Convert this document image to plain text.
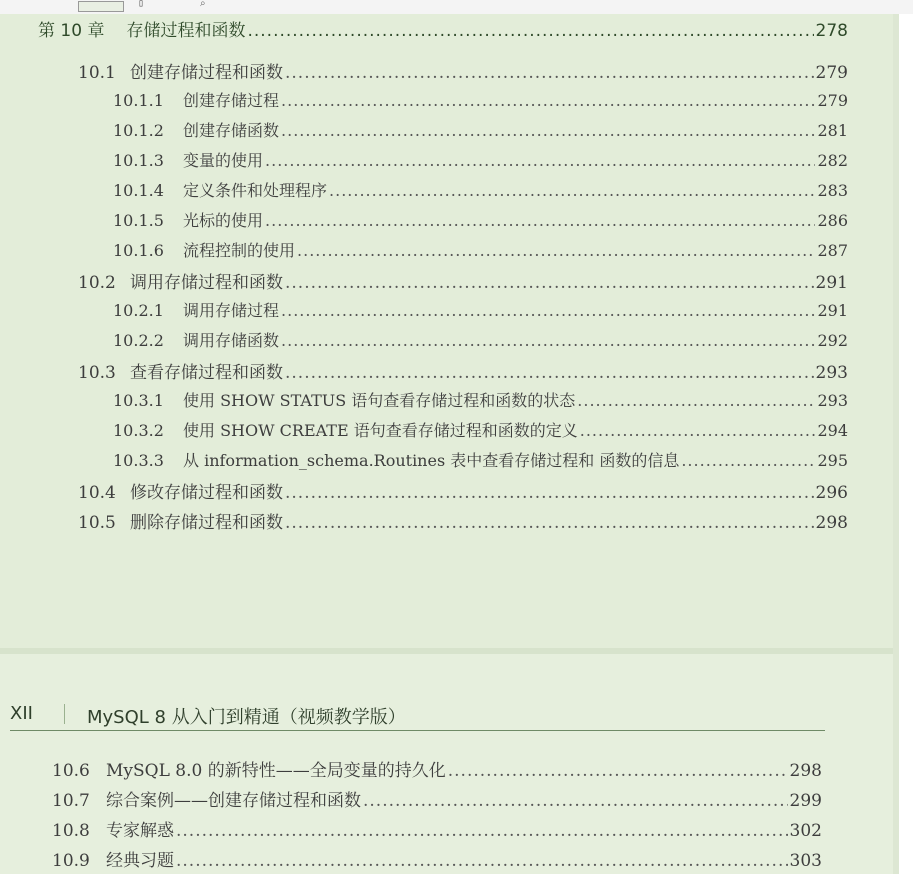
▯	⌕
第 10 章 存储过程和函数 .....	278
10.1 创建存储过程和函数 .....	279
10.1.1	创建存储过程 .....	279
10.1.2	创建存储函数 .....	281
10.1.3	变量的使用 .....	282
10.1.4	定义条件和处理程序 .....	283
10.1.5	光标的使用 .....	286
10.1.6	流程控制的使用 .....	287
10.2 调用存储过程和函数 .....	291
10.2.1	调用存储过程 .....	291
10.2.2	调用存储函数 .....	292
10.3 查看存储过程和函数 .....	293
10.3.1	使用 SHOW STATUS 语句查看存储过程和函数的状态 .....	293
10.3.2	使用 SHOW CREATE 语句查看存储过程和函数的定义 .....	294
10.3.3	从 information_schema.Routines 表中查看存储过程和 函数的信息 .....	295
10.4 修改存储过程和函数 .....	296
10.5 删除存储过程和函数 .....	298
XII	MySQL 8 从入门到精通（视频教学版）
10.6 MySQL 8.0 的新特性——全局变量的持久化 .....	298
10.7 综合案例——创建存储过程和函数 .....	299
10.8 专家解惑 .....	302
10.9 经典习题 .....	303
